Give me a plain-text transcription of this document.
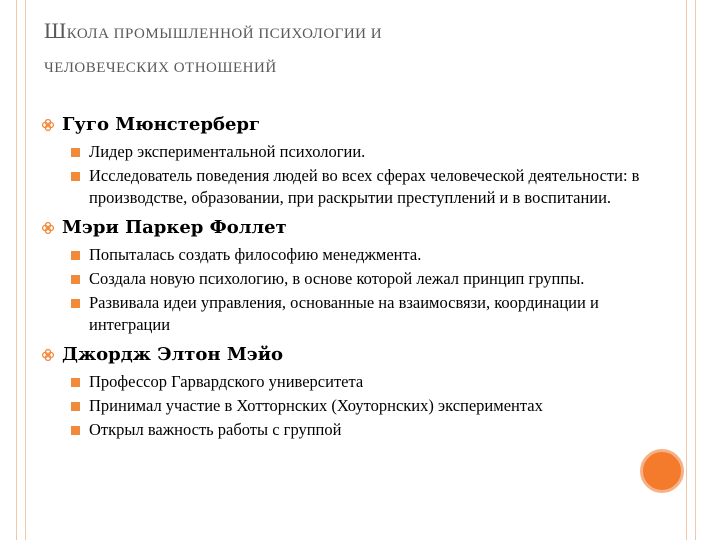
ШКОЛА ПРОМЫШЛЕННОЙ ПСИХОЛОГИИ И
ЧЕЛОВЕЧЕСКИХ ОТНОШЕНИЙ
Гуго Мюнстерберг
Лидер экспериментальной психологии.
Исследователь поведения людей во всех сферах человеческой деятельности: в производстве, образовании, при раскрытии преступлений и в воспитании.
Мэри Паркер Фоллет
Попыталась создать философию менеджмента.
Создала новую психологию, в основе которой лежал принцип группы.
Развивала идеи управления, основанные на взаимосвязи, координации и интеграции
Джордж Элтон Мэйо
Профессор Гарвардского университета
Принимал участие в Хотторнских (Хоуторнских) экспериментах
Открыл важность работы с группой
